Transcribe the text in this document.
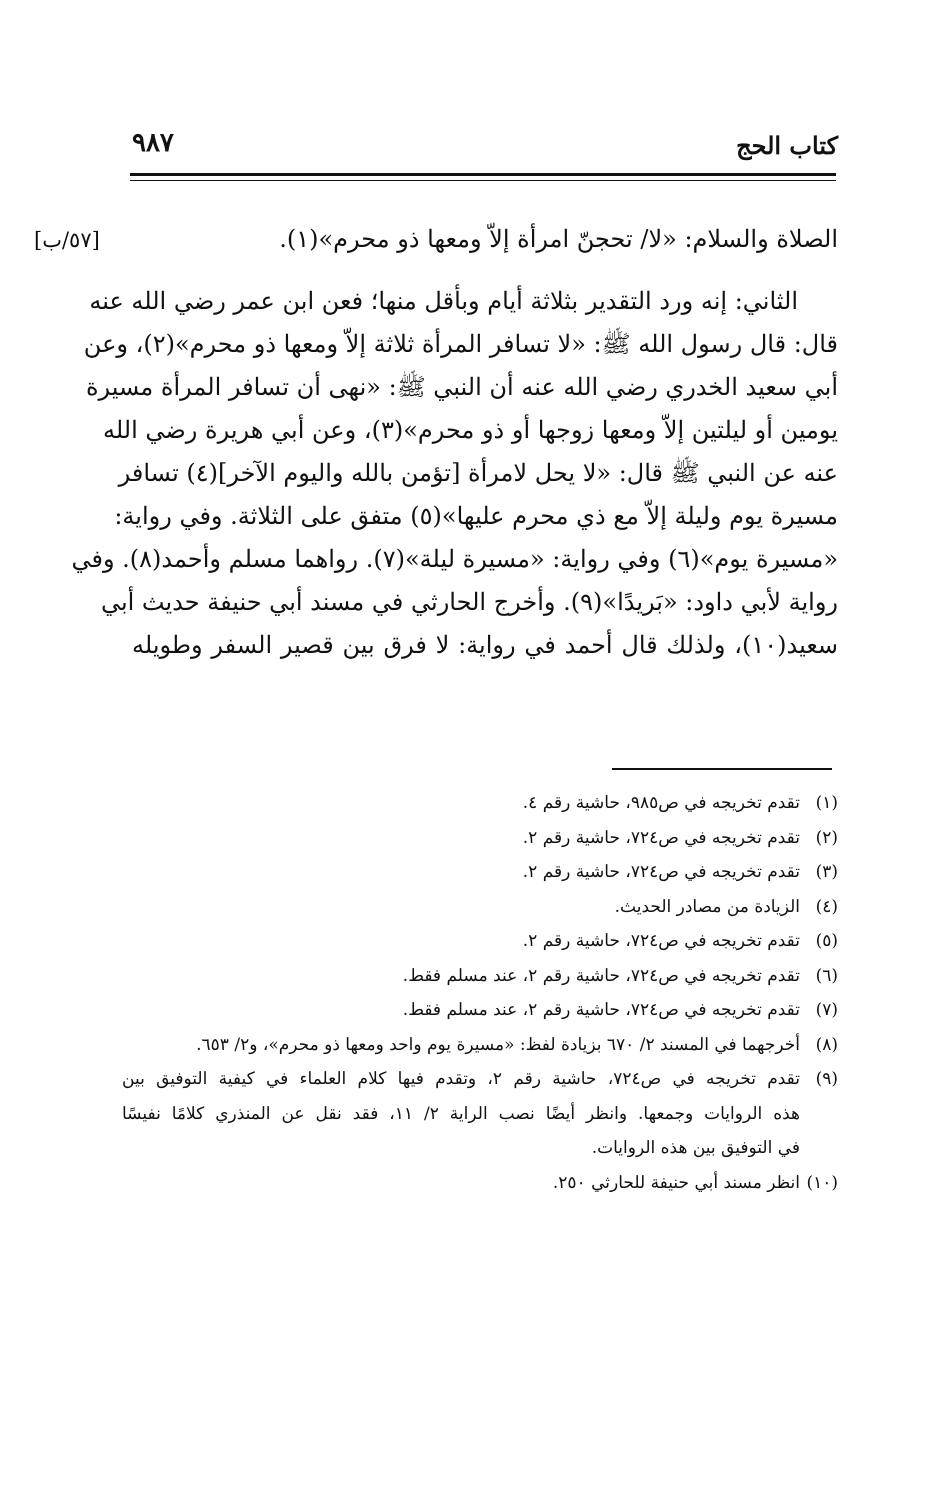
كتاب الحج
٩٨٧
[٥٧/ب]	الصلاة والسلام: «لا/ تحجنّ امرأة إلاّ ومعها ذو محرم»(١).
الثاني: إنه ورد التقدير بثلاثة أيام وبأقل منها؛ فعن ابن عمر رضي الله عنه
قال: قال رسول الله ﷺ: «لا تسافر المرأة ثلاثة إلاّ ومعها ذو محرم»(٢)، وعن
أبي سعيد الخدري رضي الله عنه أن النبي ﷺ: «نهى أن تسافر المرأة مسيرة
يومين أو ليلتين إلاّ ومعها زوجها أو ذو محرم»(٣)، وعن أبي هريرة رضي الله
عنه عن النبي ﷺ قال: «لا يحل لامرأة [تؤمن بالله واليوم الآخر](٤) تسافر
مسيرة يوم وليلة إلاّ مع ذي محرم عليها»(٥) متفق على الثلاثة. وفي رواية:
«مسيرة يوم»(٦) وفي رواية: «مسيرة ليلة»(٧). رواهما مسلم وأحمد(٨). وفي
رواية لأبي داود: «بَريدًا»(٩). وأخرج الحارثي في مسند أبي حنيفة حديث أبي
سعيد(١٠)، ولذلك قال أحمد في رواية: لا فرق بين قصير السفر وطويله
(١)
تقدم تخريجه في ص٩٨٥، حاشية رقم ٤.
(٢)
تقدم تخريجه في ص٧٢٤، حاشية رقم ٢.
(٣)
تقدم تخريجه في ص٧٢٤، حاشية رقم ٢.
(٤)
الزيادة من مصادر الحديث.
(٥)
تقدم تخريجه في ص٧٢٤، حاشية رقم ٢.
(٦)
تقدم تخريجه في ص٧٢٤، حاشية رقم ٢، عند مسلم فقط.
(٧)
تقدم تخريجه في ص٧٢٤، حاشية رقم ٢، عند مسلم فقط.
(٨)
أخرجهما في المسند ٢/ ٦٧٠ بزيادة لفظ: «مسيرة يوم واحد ومعها ذو محرم»، و٢/ ٦٥٣.
(٩)
تقدم تخريجه في ص٧٢٤، حاشية رقم ٢، وتقدم فيها كلام العلماء في كيفية التوفيق بين
هذه الروايات وجمعها. وانظر أيضًا نصب الراية ٢/ ١١، فقد نقل عن المنذري كلامًا نفيسًا
في التوفيق بين هذه الروايات.
(١٠)
انظر مسند أبي حنيفة للحارثي ٢٥٠.
